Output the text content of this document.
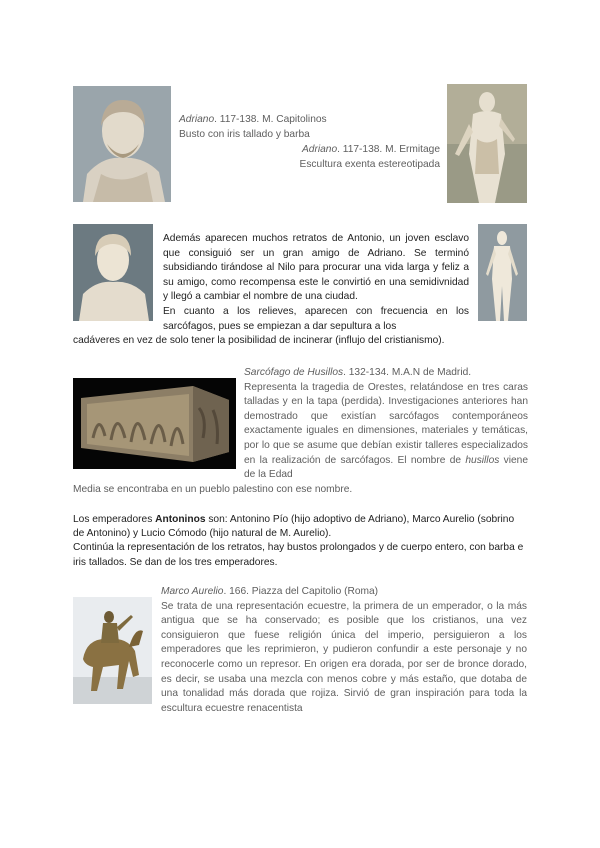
Adriano. 117-138. M. Capitolinos

Busto con iris tallado y barba

Adriano. 117-138. M. Ermitage

Escultura exenta estereotipada

Además aparecen muchos retratos de Antonio, un joven esclavo que consiguió ser un gran amigo de Adriano. Se terminó subsidiando tirándose al Nilo para procurar una vida larga y feliz a su amigo, como recompensa este le convirtió en una semidivnidad y llegó a cambiar el nombre de una ciudad.
En cuanto a los relieves, aparecen con frecuencia en los sarcófagos, pues se empiezan a dar sepultura a los
cadáveres en vez de solo tener la posibilidad de incinerar (influjo del cristianismo).

Sarcófago de Husillos. 132-134. M.A.N de Madrid.

Representa la tragedia de Orestes, relatándose en tres caras talladas y en la tapa (perdida). Investigaciones anteriores han demostrado que existían sarcófagos contemporáneos exactamente iguales en dimensiones, materiales y temáticas, por lo que se asume que debían existir talleres especializados en la realización de sarcófagos. El nombre de husillos viene de la Edad

Media se encontraba en un pueblo palestino con ese nombre.

Los emperadores Antoninos son: Antonino Pío (hijo adoptivo de Adriano), Marco Aurelio (sobrino de Antonino) y Lucio Cómodo (hijo natural de M. Aurelio).

Continúa la representación de los retratos, hay bustos prolongados y de cuerpo entero, con barba e iris tallados. Se dan de los tres emperadores.

Marco Aurelio. 166. Piazza del Capitolio (Roma)

Se trata de una representación ecuestre, la primera de un emperador, o la más antigua que se ha conservado; es posible que los cristianos, una vez consiguieron que fuese religión única del imperio, persiguieron a los emperadores que les reprimieron, y pudieron confundir a este personaje y no reconocerle como un represor. En origen era dorada, por ser de bronce dorado, es decir, se usaba una mezcla con menos cobre y más estaño, que dotaba de una tonalidad más dorada que rojiza. Sirvió de gran inspiración para toda la escultura ecuestre renacentista
